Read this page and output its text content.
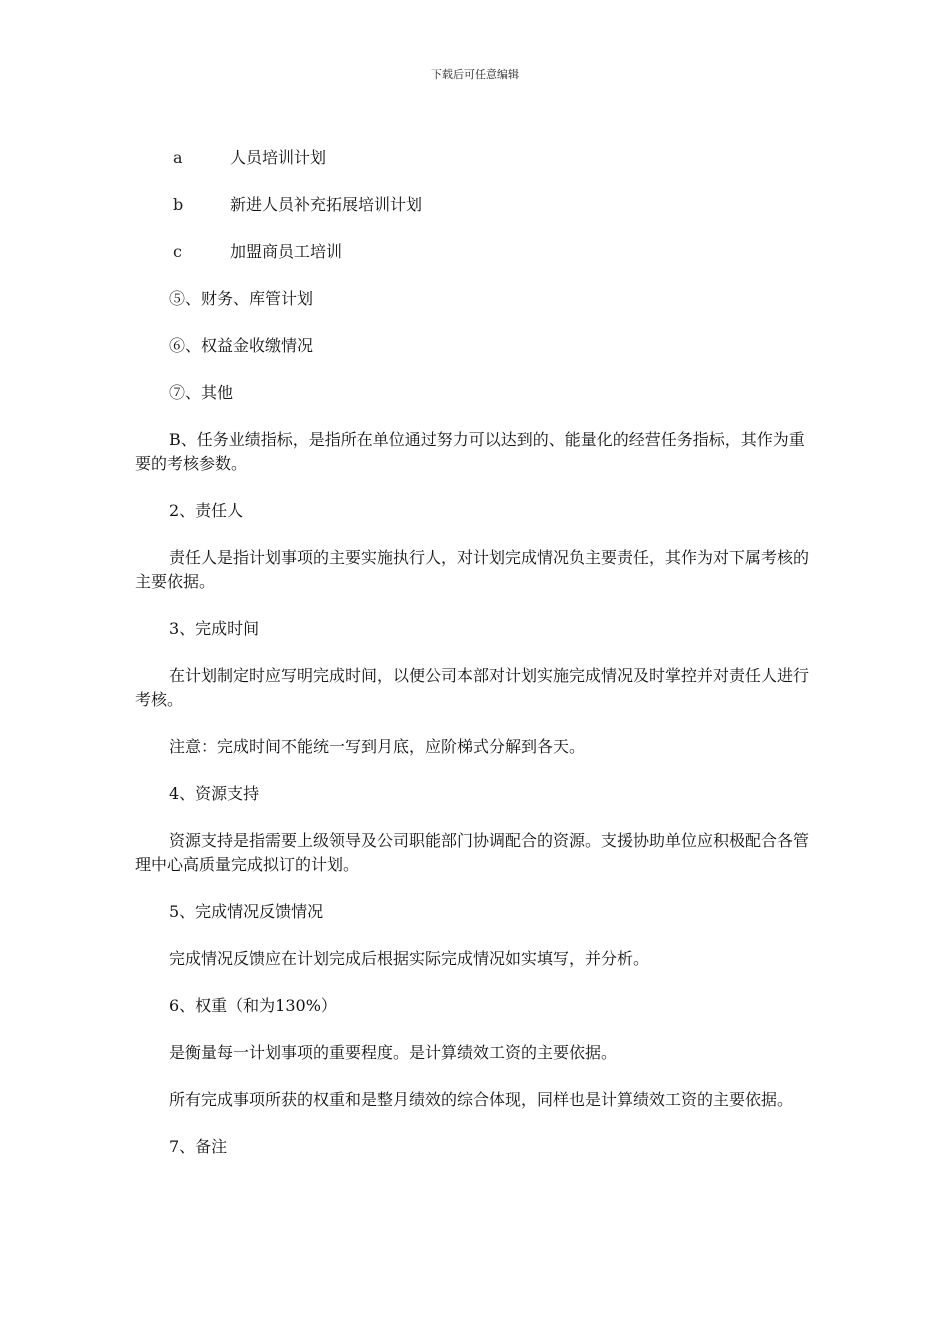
下载后可任意编辑
a	人员培训计划
b	新进人员补充拓展培训计划
c	加盟商员工培训

⑤、财务、库管计划

⑥、权益金收缴情况

⑦、其他

B、任务业绩指标，是指所在单位通过努力可以达到的、能量化的经营任务指标，其作为重要的考核参数。

2、责任人

责任人是指计划事项的主要实施执行人，对计划完成情况负主要责任，其作为对下属考核的主要依据。

3、完成时间

在计划制定时应写明完成时间，以便公司本部对计划实施完成情况及时掌控并对责任人进行考核。

注意：完成时间不能统一写到月底，应阶梯式分解到各天。

4、资源支持

资源支持是指需要上级领导及公司职能部门协调配合的资源。支援协助单位应积极配合各管理中心高质量完成拟订的计划。

5、完成情况反馈情况

完成情况反馈应在计划完成后根据实际完成情况如实填写，并分析。

6、权重（和为130%）

是衡量每一计划事项的重要程度。是计算绩效工资的主要依据。

所有完成事项所获的权重和是整月绩效的综合体现，同样也是计算绩效工资的主要依据。

7、备注
